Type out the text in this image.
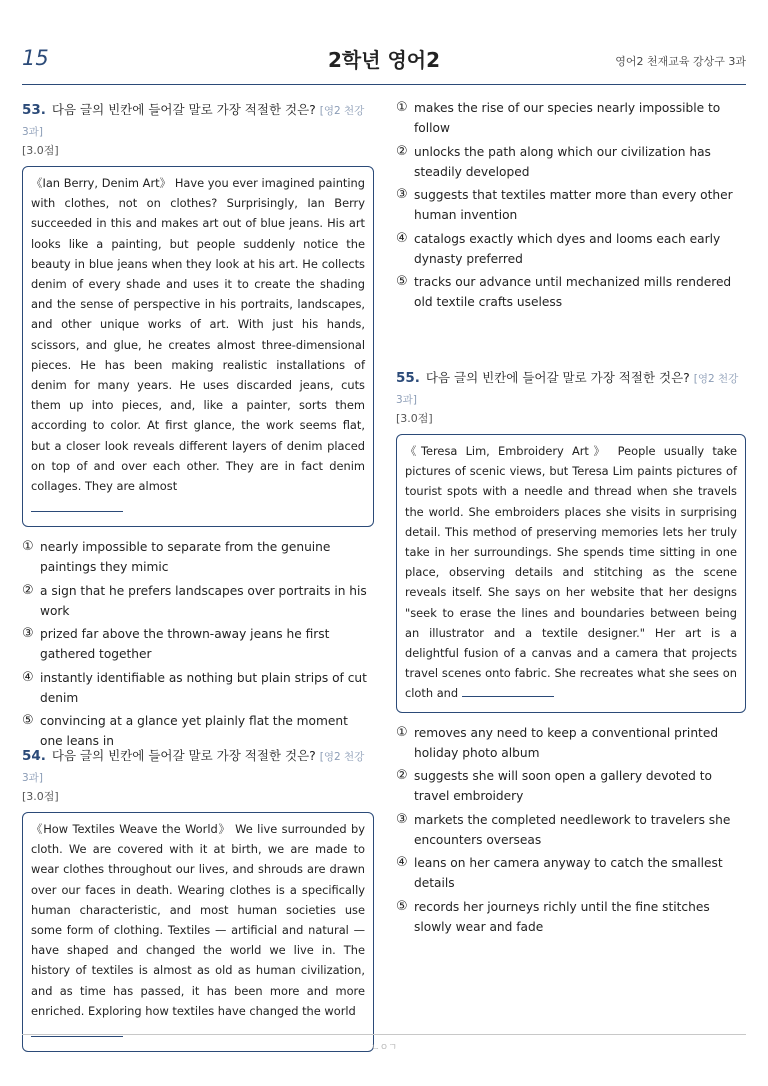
15	2학년 영어2	영어2 천재교육 강상구 3과
53. 다음 글의 빈칸에 들어갈 말로 가장 적절한 것은? [영2 천강 3과]
[3.0점]
《Ian Berry, Denim Art》 Have you ever imagined painting with clothes, not on clothes? Surprisingly, Ian Berry succeeded in this and makes art out of blue jeans. His art looks like a painting, but people suddenly notice the beauty in blue jeans when they look at his art. He collects denim of every shade and uses it to create the shading and the sense of perspective in his portraits, landscapes, and other unique works of art. With just his hands, scissors, and glue, he creates almost three-dimensional pieces. He has been making realistic installations of denim for many years. He uses discarded jeans, cuts them up into pieces, and, like a painter, sorts them according to color. At first glance, the work seems flat, but a closer look reveals different layers of denim placed on top of and over each other. They are in fact denim collages. They are almost
① nearly impossible to separate from the genuine paintings they mimic
② a sign that he prefers landscapes over portraits in his work
③ prized far above the thrown-away jeans he first gathered together
④ instantly identifiable as nothing but plain strips of cut denim
⑤ convincing at a glance yet plainly flat the moment one leans in
54. 다음 글의 빈칸에 들어갈 말로 가장 적절한 것은? [영2 천강 3과]
[3.0점]
《How Textiles Weave the World》 We live surrounded by cloth. We are covered with it at birth, we are made to wear clothes throughout our lives, and shrouds are drawn over our faces in death. Wearing clothes is a specifically human characteristic, and most human societies use some form of clothing. Textiles — artificial and natural — have shaped and changed the world we live in. The history of textiles is almost as old as human civilization, and as time has passed, it has been more and more enriched. Exploring how textiles have changed the world
① makes the rise of our species nearly impossible to follow
② unlocks the path along which our civilization has steadily developed
③ suggests that textiles matter more than every other human invention
④ catalogs exactly which dyes and looms each early dynasty preferred
⑤ tracks our advance until mechanized mills rendered old textile crafts useless
55. 다음 글의 빈칸에 들어갈 말로 가장 적절한 것은? [영2 천강 3과]
[3.0점]
《Teresa Lim, Embroidery Art》 People usually take pictures of scenic views, but Teresa Lim paints pictures of tourist spots with a needle and thread when she travels the world. She embroiders places she visits in surprising detail. This method of preserving memories lets her truly take in her surroundings. She spends time sitting in one place, observing details and stitching as the scene reveals itself. She says on her website that her designs "seek to erase the lines and boundaries between being an illustrator and a textile designer." Her art is a delightful fusion of a canvas and a camera that projects travel scenes onto fabric. She recreates what she sees on cloth and
① removes any need to keep a conventional printed holiday photo album
② suggests she will soon open a gallery devoted to travel embroidery
③ markets the completed needlework to travelers she encounters overseas
④ leans on her camera anyway to catch the smallest details
⑤ records her journeys richly until the fine stitches slowly wear and fade
ㄴㅇㄱ
